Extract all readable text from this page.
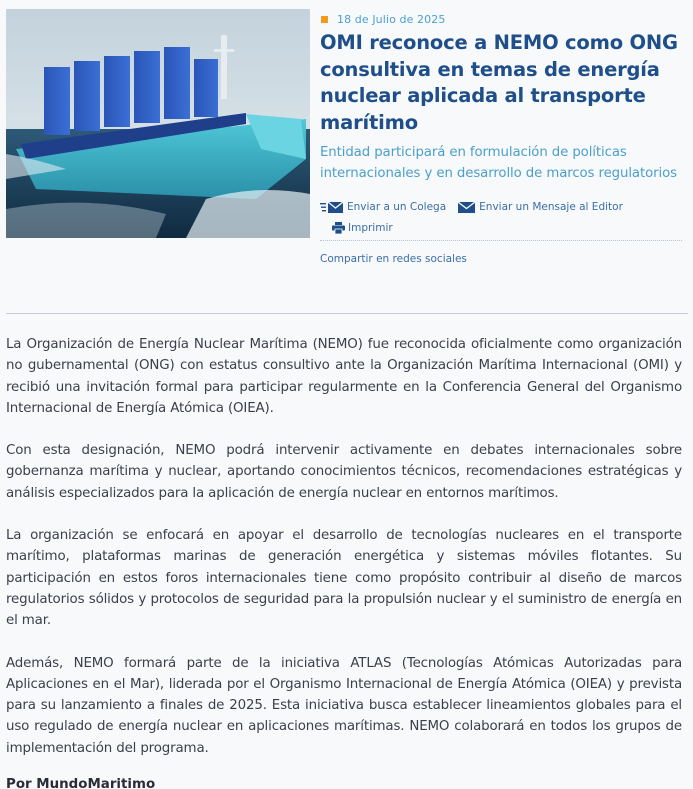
18 de Julio de 2025
OMI reconoce a NEMO como ONG consultiva en temas de energía nuclear aplicada al transporte marítimo

Entidad participará en formulación de políticas internacionales y en desarrollo de marcos regulatorios

Enviar a un Colega	Enviar un Mensaje al Editor
Imprimir
Compartir en redes sociales

La Organización de Energía Nuclear Marítima (NEMO) fue reconocida oficialmente como organización no gubernamental (ONG) con estatus consultivo ante la Organización Marítima Internacional (OMI) y recibió una invitación formal para participar regularmente en la Conferencia General del Organismo Internacional de Energía Atómica (OIEA).

Con esta designación, NEMO podrá intervenir activamente en debates internacionales sobre gobernanza marítima y nuclear, aportando conocimientos técnicos, recomendaciones estratégicas y análisis especializados para la aplicación de energía nuclear en entornos marítimos.

La organización se enfocará en apoyar el desarrollo de tecnologías nucleares en el transporte marítimo, plataformas marinas de generación energética y sistemas móviles flotantes. Su participación en estos foros internacionales tiene como propósito contribuir al diseño de marcos regulatorios sólidos y protocolos de seguridad para la propulsión nuclear y el suministro de energía en el mar.

Además, NEMO formará parte de la iniciativa ATLAS (Tecnologías Atómicas Autorizadas para Aplicaciones en el Mar), liderada por el Organismo Internacional de Energía Atómica (OIEA) y prevista para su lanzamiento a finales de 2025. Esta iniciativa busca establecer lineamientos globales para el uso regulado de energía nuclear en aplicaciones marítimas. NEMO colaborará en todos los grupos de implementación del programa.

Por MundoMaritimo
